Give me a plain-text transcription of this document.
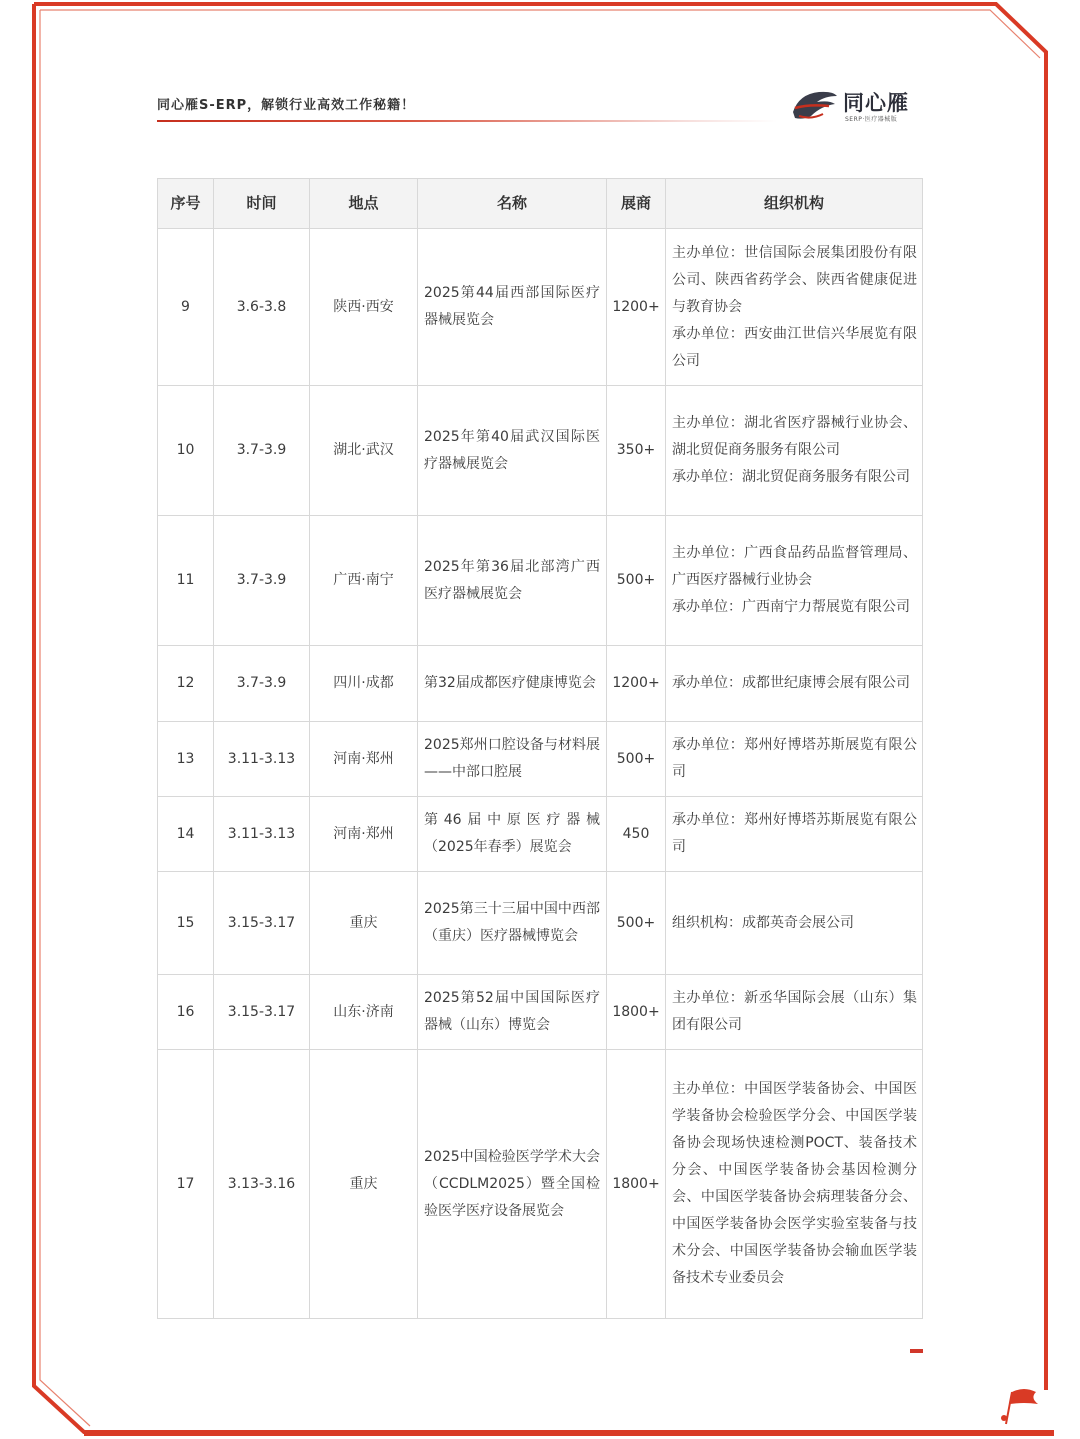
同心雁S-ERP，解锁行业高效工作秘籍！	同心雁
SERP·医疗器械版
序号	时间	地点	名称	展商	组织机构
9	3.6-3.8	陕西·西安	2025第44届西部国际医疗器械展览会	1200+	主办单位：世信国际会展集团股份有限公司、陕西省药学会、陕西省健康促进与教育协会
承办单位：西安曲江世信兴华展览有限公司
10	3.7-3.9	湖北·武汉	2025年第40届武汉国际医疗器械展览会	350+	主办单位：湖北省医疗器械行业协会、湖北贸促商务服务有限公司
承办单位：湖北贸促商务服务有限公司
11	3.7-3.9	广西·南宁	2025年第36届北部湾广西医疗器械展览会	500+	主办单位：广西食品药品监督管理局、广西医疗器械行业协会
承办单位：广西南宁力帮展览有限公司
12	3.7-3.9	四川·成都	第32届成都医疗健康博览会	1200+	承办单位：成都世纪康博会展有限公司
13	3.11-3.13	河南·郑州	2025郑州口腔设备与材料展——中部口腔展	500+	承办单位：郑州好博塔苏斯展览有限公司
14	3.11-3.13	河南·郑州	第46届中原医疗器械（2025年春季）展览会	450	承办单位：郑州好博塔苏斯展览有限公司
15	3.15-3.17	重庆	2025第三十三届中国中西部（重庆）医疗器械博览会	500+	组织机构：成都英奇会展公司
16	3.15-3.17	山东·济南	2025第52届中国国际医疗器械（山东）博览会	1800+	主办单位：新丞华国际会展（山东）集团有限公司
17	3.13-3.16	重庆	2025中国检验医学学术大会（CCDLM2025）暨全国检验医学医疗设备展览会	1800+	主办单位：中国医学装备协会、中国医学装备协会检验医学分会、中国医学装备协会现场快速检测POCT、装备技术分会、中国医学装备协会基因检测分会、中国医学装备协会病理装备分会、中国医学装备协会医学实验室装备与技术分会、中国医学装备协会输血医学装备技术专业委员会
